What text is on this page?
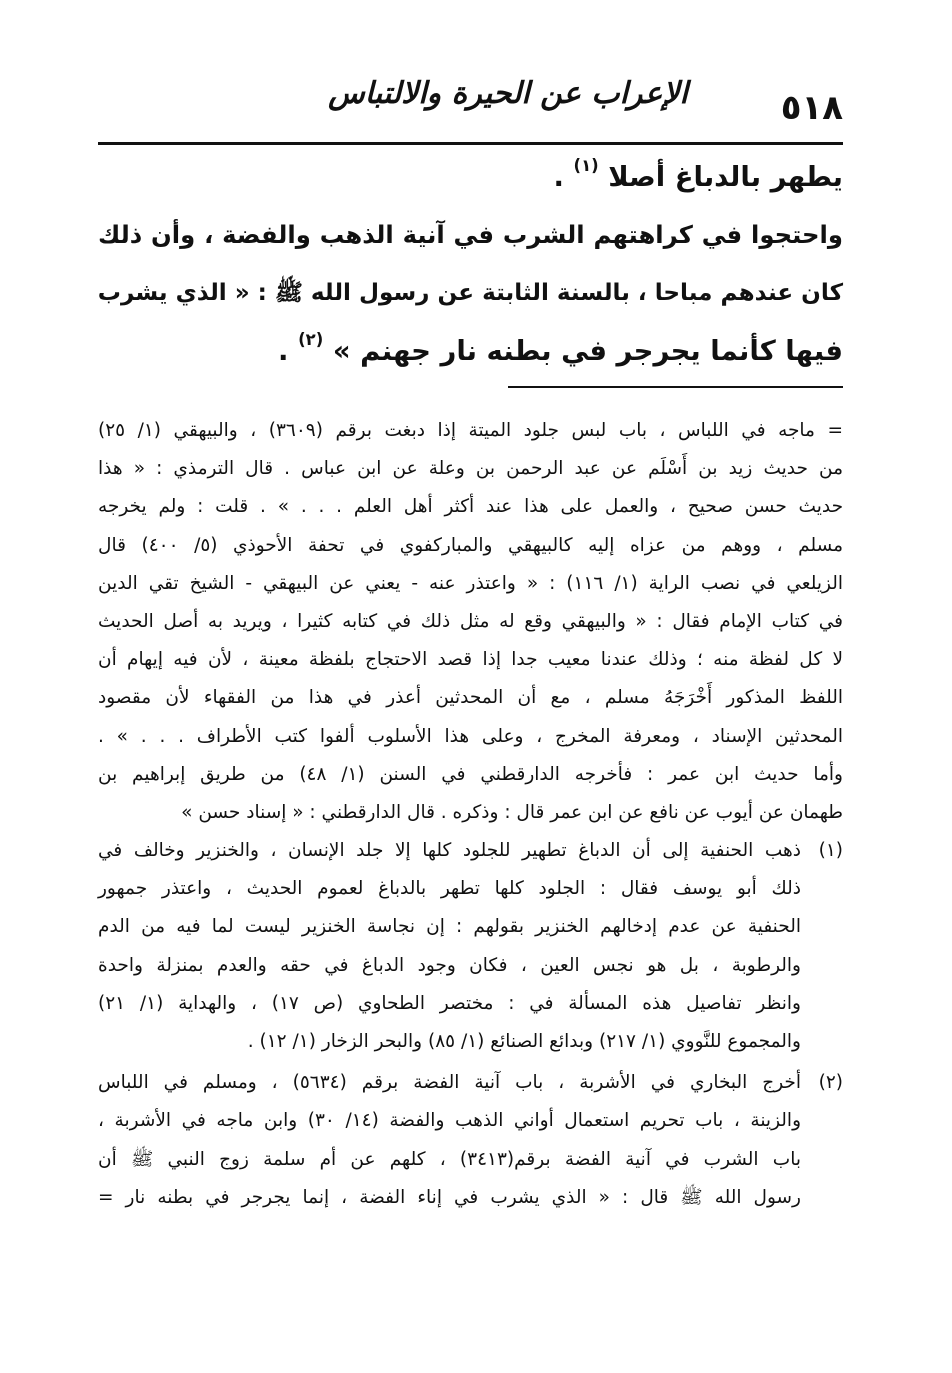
الإعراب عن الحيرة والالتباس	٥١٨
يطهر بالدباغ أصلا $^{(١)}$ .
واحتجوا في كراهتهم الشرب في آنية الذهب والفضة ، وأن ذلك
كان عندهم مباحا ، بالسنة الثابتة عن رسول الله ﷺ : « الذي يشرب
فيها كأنما يجرجر في بطنه نار جهنم » $^{(٢)}$ .
= ماجه في اللباس ، باب لبس جلود الميتة إذا دبغت برقم (٣٦٠٩) ، والبيهقي (١/ ٢٥)
من حديث زيد بن أَسْلَم عن عبد الرحمن بن وعلة عن ابن عباس . قال الترمذي : « هذا
حديث حسن صحيح ، والعمل على هذا عند أكثر أهل العلم . . . » . قلت : ولم يخرجه
مسلم ، ووهم من عزاه إليه كالبيهقي والمباركفوي في تحفة الأحوذي (٥/ ٤٠٠) قال
الزيلعي في نصب الراية (١/ ١١٦) : « واعتذر عنه - يعني عن البيهقي - الشيخ تقي الدين
في كتاب الإمام فقال : « والبيهقي وقع له مثل ذلك في كتابه كثيرا ، ويريد به أصل الحديث
لا كل لفظة منه ؛ وذلك عندنا معيب جدا إذا قصد الاحتجاج بلفظة معينة ، لأن فيه إيهام أن
اللفظ المذكور أَخْرَجَهُ مسلم ، مع أن المحدثين أعذر في هذا من الفقهاء لأن مقصود
المحدثين الإسناد ، ومعرفة المخرج ، وعلى هذا الأسلوب ألفوا كتب الأطراف . . . » .
وأما حديث ابن عمر : فأخرجه الدارقطني في السنن (١/ ٤٨) من طريق إبراهيم بن
طهمان عن أيوب عن نافع عن ابن عمر قال : وذكره . قال الدارقطني : « إسناد حسن »
(١)
ذهب الحنفية إلى أن الدباغ تطهير للجلود كلها إلا جلد الإنسان ، والخنزير وخالف في
ذلك أبو يوسف فقال : الجلود كلها تطهر بالدباغ لعموم الحديث ، واعتذر جمهور
الحنفية عن عدم إدخالهم الخنزير بقولهم : إن نجاسة الخنزير ليست لما فيه من الدم
والرطوبة ، بل هو نجس العين ، فكان وجود الدباغ في حقه والعدم بمنزلة واحدة
وانظر تفاصيل هذه المسألة في : مختصر الطحاوي (ص ١٧) ، والهداية (١/ ٢١)
والمجموع للنَّووي (١/ ٢١٧) وبدائع الصنائع (١/ ٨٥) والبحر الزخار (١/ ١٢) .
(٢)
أخرج البخاري في الأشربة ، باب آنية الفضة برقم (٥٦٣٤) ، ومسلم في اللباس
والزينة ، باب تحريم استعمال أواني الذهب والفضة (١٤/ ٣٠) وابن ماجه في الأشربة ،
باب الشرب في آنية الفضة برقم(٣٤١٣) ، كلهم عن أم سلمة زوج النبي ﷺ أن
رسول الله ﷺ قال : « الذي يشرب في إناء الفضة ، إنما يجرجر في بطنه نار =
